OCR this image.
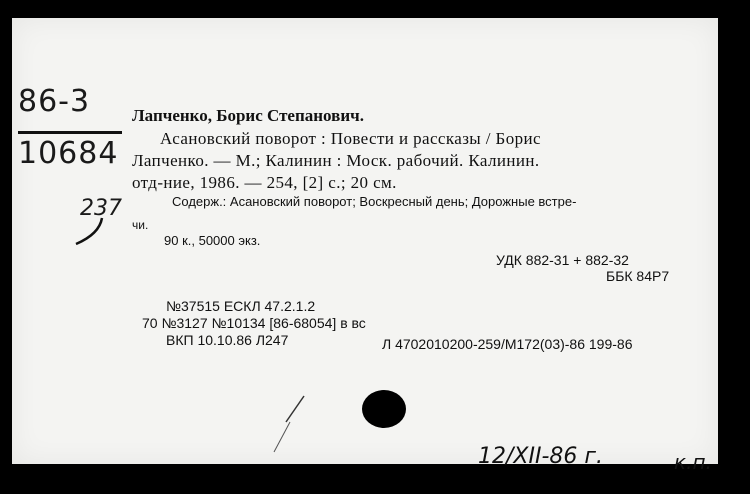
86-3
10684
237
Лапченко, Борис Степанович.
Асановский поворот : Повести и рассказы / Борис
Лапченко. — М.; Калинин : Моск. рабочий. Калинин.
отд-ние, 1986. — 254, [2] с.; 20 см.
Содерж.: Асановский поворот; Воскресный день; Дорожные встре-
чи.
90 к., 50000 экз.
УДК 882-31 + 882-32
ББК 84Р7
№37515 ЕСКЛ 47.2.1.2
70 №3127 №10134 [86-68054] в вс
ВКП 10.10.86 Л247	Л 4702010200-259/М172(03)-86 199-86
12/XII-86 г.	к.п.
